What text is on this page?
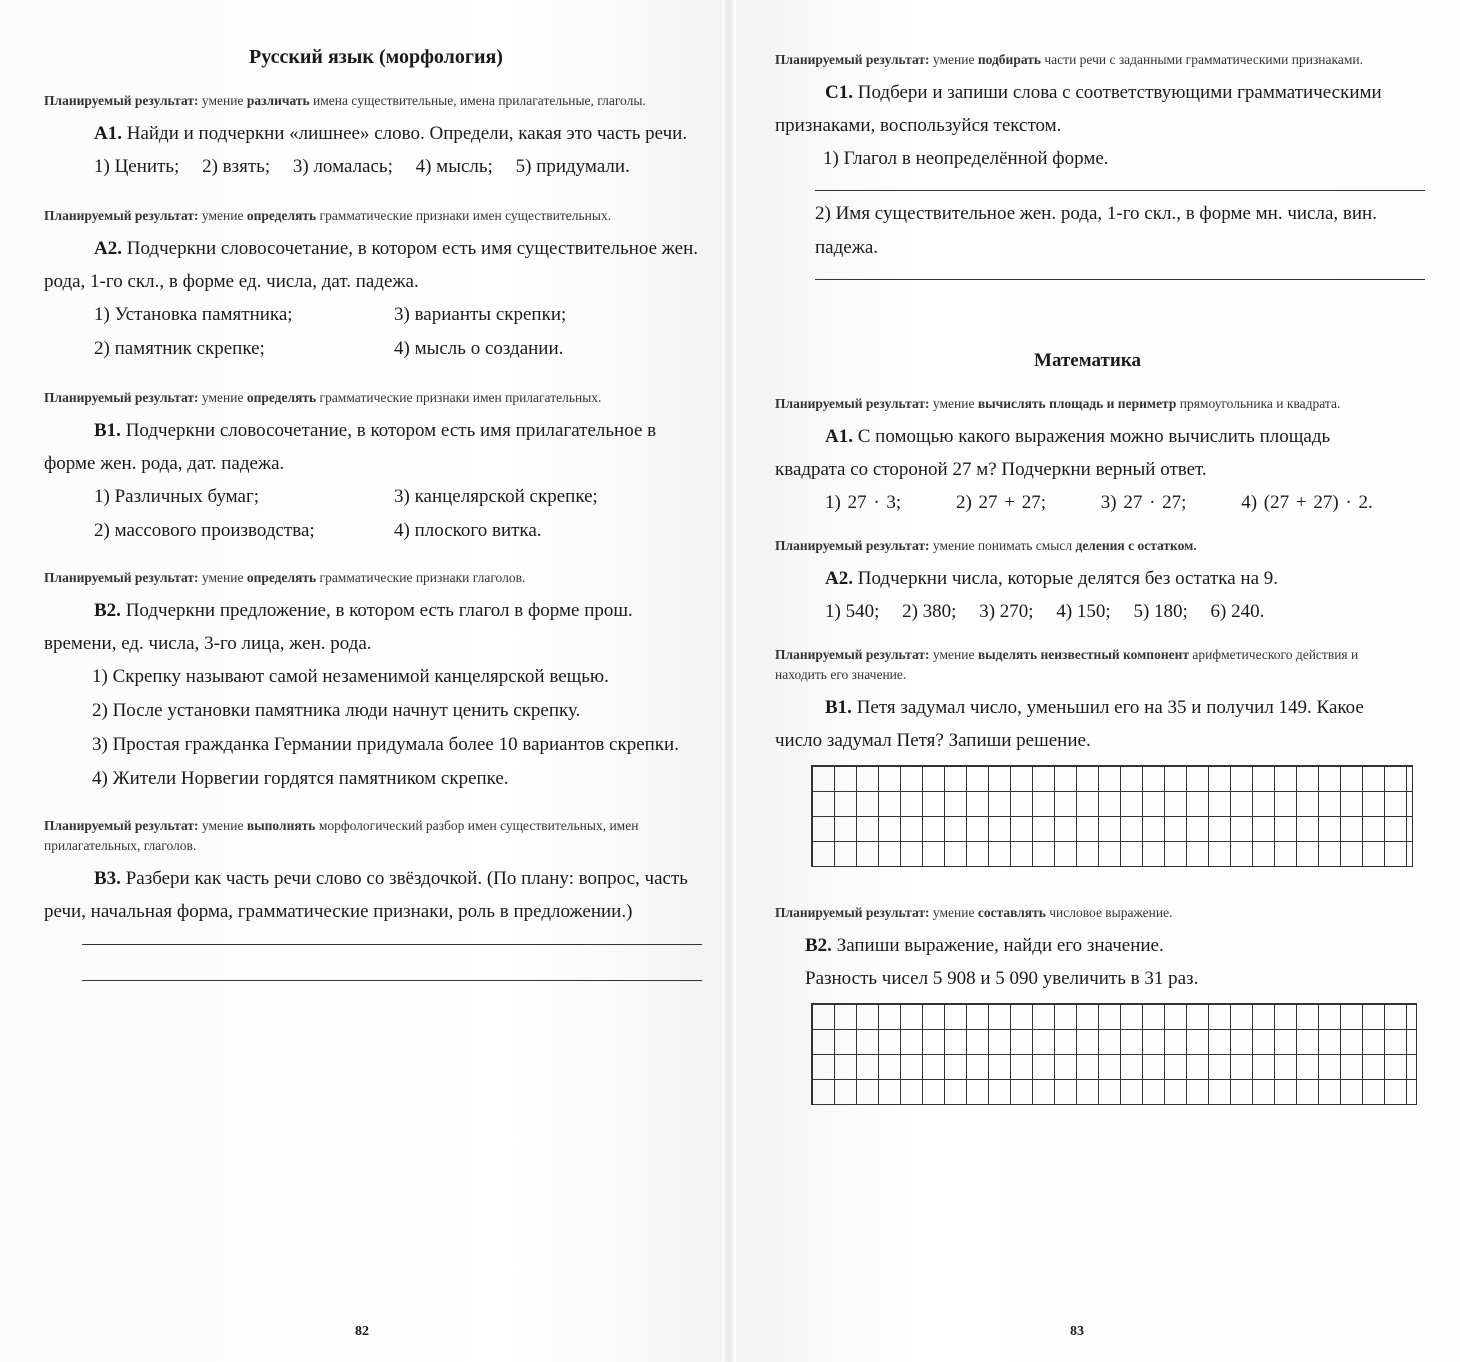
Русский язык (морфология)

Планируемый результат: умение различать имена существительные, имена прилагательные, глаголы.

А1. Найди и подчеркни «лишнее» слово. Определи, какая это часть речи.

1) Ценить; 2) взять; 3) ломалась; 4) мысль; 5) придумали.

Планируемый результат: умение определять грамматические признаки имен существительных.

А2. Подчеркни словосочетание, в котором есть имя существительное жен. рода, 1-го скл., в форме ед. числа, дат. падежа.

1) Установка памятника;	3) варианты скрепки;
2) памятник скрепке;	4) мысль о создании.

Планируемый результат: умение определять грамматические признаки имен прилагательных.

В1. Подчеркни словосочетание, в котором есть имя прилагательное в форме жен. рода, дат. падежа.

1) Различных бумаг;	3) канцелярской скрепке;
2) массового производства;	4) плоского витка.

Планируемый результат: умение определять грамматические признаки глаголов.

В2. Подчеркни предложение, в котором есть глагол в форме прош. времени, ед. числа, 3-го лица, жен. рода.

1) Скрепку называют самой незаменимой канцелярской вещью.
2) После установки памятника люди начнут ценить скрепку.
3) Простая гражданка Германии придумала более 10 вариантов скрепки.
4) Жители Норвегии гордятся памятником скрепке.

Планируемый результат: умение выполнять морфологический разбор имен существительных, имен прилагательных, глаголов.

В3. Разбери как часть речи слово со звёздочкой. (По плану: вопрос, часть речи, начальная форма, грамматические признаки, роль в предложении.)

82

Планируемый результат: умение подбирать части речи с заданными грамматическими признаками.

С1. Подбери и запиши слова с соответствующими грамматическими признаками, воспользуйся текстом.

1) Глагол в неопределённой форме.
2) Имя существительное жен. рода, 1-го скл., в форме мн. числа, вин. падежа.
Математика

Планируемый результат: умение вычислять площадь и периметр прямоугольника и квадрата.

А1. С помощью какого выражения можно вычислить площадь квадрата со стороной 27 м? Подчеркни верный ответ.

1) 27 · 3;	2) 27 + 27;	3) 27 · 27;	4) (27 + 27) · 2.

Планируемый результат: умение понимать смысл деления с остатком.

А2. Подчеркни числа, которые делятся без остатка на 9.

1) 540; 2) 380; 3) 270; 4) 150; 5) 180; 6) 240.

Планируемый результат: умение выделять неизвестный компонент арифметического действия и находить его значение.

В1. Петя задумал число, уменьшил его на 35 и получил 149. Какое число задумал Петя? Запиши решение.

Планируемый результат: умение составлять числовое выражение.

В2. Запиши выражение, найди его значение.

Разность чисел 5 908 и 5 090 увеличить в 31 раз.
83
